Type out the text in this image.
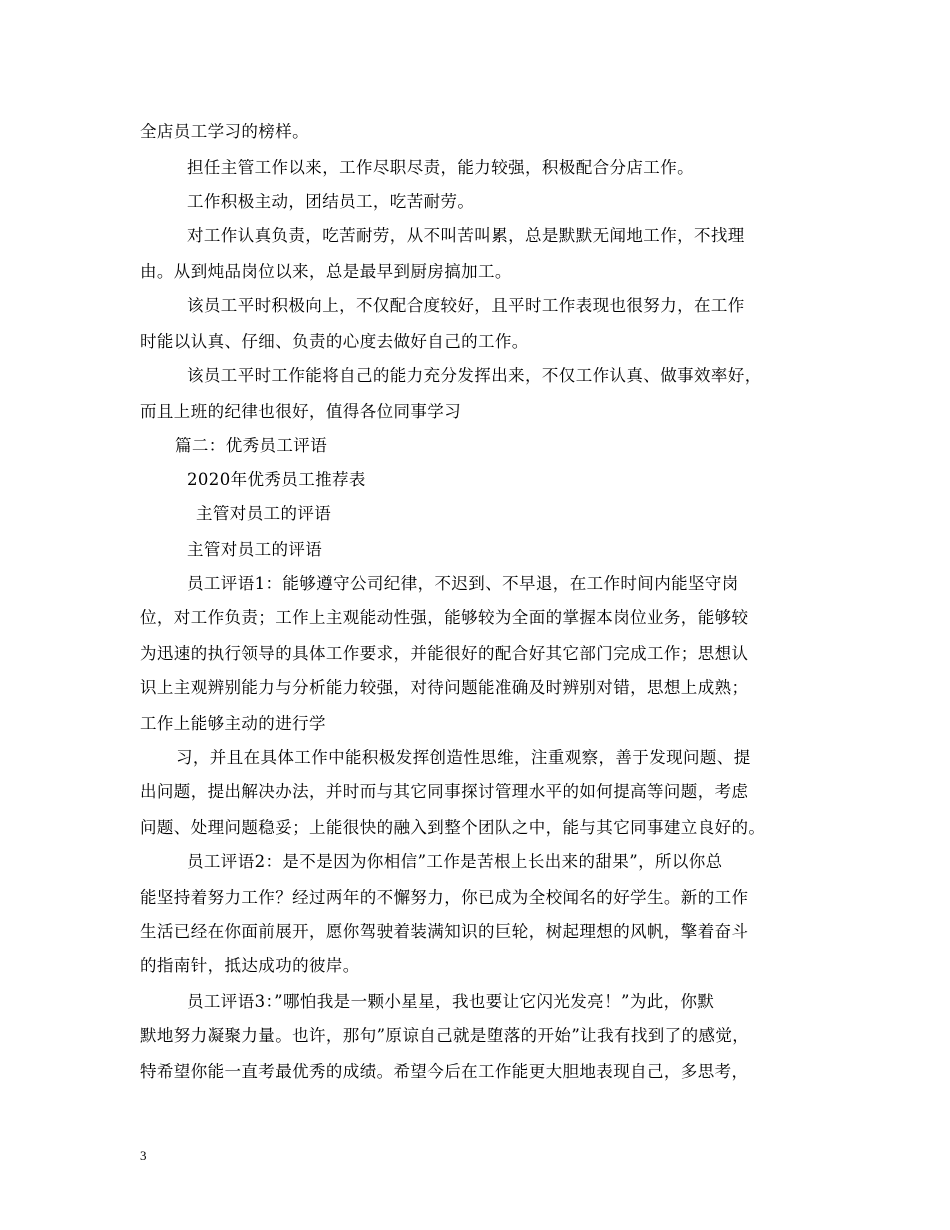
全店员工学习的榜样。
担任主管工作以来，工作尽职尽责，能力较强，积极配合分店工作。
工作积极主动，团结员工，吃苦耐劳。
对工作认真负责，吃苦耐劳，从不叫苦叫累，总是默默无闻地工作，不找理
由。从到炖品岗位以来，总是最早到厨房搞加工。
该员工平时积极向上，不仅配合度较好，且平时工作表现也很努力，在工作
时能以认真、仔细、负责的心度去做好自己的工作。
该员工平时工作能将自己的能力充分发挥出来，不仅工作认真、做事效率好，
而且上班的纪律也很好，值得各位同事学习
篇二：优秀员工评语
2020年优秀员工推荐表
主管对员工的评语
主管对员工的评语
员工评语1：能够遵守公司纪律，不迟到、不早退，在工作时间内能坚守岗
位，对工作负责；工作上主观能动性强，能够较为全面的掌握本岗位业务，能够较
为迅速的执行领导的具体工作要求，并能很好的配合好其它部门完成工作；思想认
识上主观辨别能力与分析能力较强，对待问题能准确及时辨别对错，思想上成熟；
工作上能够主动的进行学
习，并且在具体工作中能积极发挥创造性思维，注重观察，善于发现问题、提
出问题，提出解决办法，并时而与其它同事探讨管理水平的如何提高等问题，考虑
问题、处理问题稳妥；上能很快的融入到整个团队之中，能与其它同事建立良好的。
员工评语2：是不是因为你相信”工作是苦根上长出来的甜果”，所以你总
能坚持着努力工作？经过两年的不懈努力，你已成为全校闻名的好学生。新的工作
生活已经在你面前展开，愿你驾驶着装满知识的巨轮，树起理想的风帆，擎着奋斗
的指南针，抵达成功的彼岸。
员工评语3：”哪怕我是一颗小星星，我也要让它闪光发亮！”为此，你默
默地努力凝聚力量。也许，那句”原谅自己就是堕落的开始”让我有找到了的感觉，
特希望你能一直考最优秀的成绩。希望今后在工作能更大胆地表现自己，多思考，
3
